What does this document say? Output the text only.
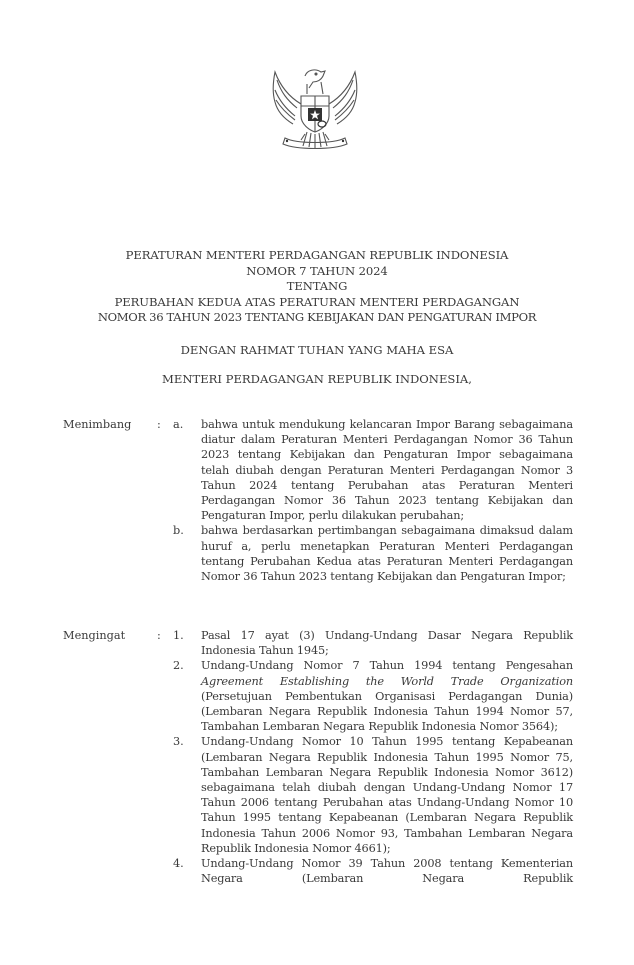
PERATURAN MENTERI PERDAGANGAN REPUBLIK INDONESIA
NOMOR 7 TAHUN 2024
TENTANG
PERUBAHAN KEDUA ATAS PERATURAN MENTERI PERDAGANGAN
NOMOR 36 TAHUN 2023 TENTANG KEBIJAKAN DAN PENGATURAN IMPOR
DENGAN RAHMAT TUHAN YANG MAHA ESA
MENTERI PERDAGANGAN REPUBLIK INDONESIA,
Menimbang : a. bahwa untuk mendukung kelancaran Impor Barang sebagaimana diatur dalam Peraturan Menteri Perdagangan Nomor 36 Tahun 2023 tentang Kebijakan dan Pengaturan Impor sebagaimana telah diubah dengan Peraturan Menteri Perdagangan Nomor 3 Tahun 2024 tentang Perubahan atas Peraturan Menteri Perdagangan Nomor 36 Tahun 2023 tentang Kebijakan dan Pengaturan Impor, perlu dilakukan perubahan;
b. bahwa berdasarkan pertimbangan sebagaimana dimaksud dalam huruf a, perlu menetapkan Peraturan Menteri Perdagangan tentang Perubahan Kedua atas Peraturan Menteri Perdagangan Nomor 36 Tahun 2023 tentang Kebijakan dan Pengaturan Impor;
Mengingat	: 1. Pasal 17 ayat (3) Undang-Undang Dasar Negara Republik Indonesia Tahun 1945;
2. Undang-Undang Nomor 7 Tahun 1994 tentang Pengesahan Agreement Establishing the World Trade Organization (Persetujuan Pembentukan Organisasi Perdagangan Dunia) (Lembaran Negara Republik Indonesia Tahun 1994 Nomor 57, Tambahan Lembaran Negara Republik Indonesia Nomor 3564);
3. Undang-Undang Nomor 10 Tahun 1995 tentang Kepabeanan (Lembaran Negara Republik Indonesia Tahun 1995 Nomor 75, Tambahan Lembaran Negara Republik Indonesia Nomor 3612) sebagaimana telah diubah dengan Undang-Undang Nomor 17 Tahun 2006 tentang Perubahan atas Undang-Undang Nomor 10 Tahun 1995 tentang Kepabeanan (Lembaran Negara Republik Indonesia Tahun 2006 Nomor 93, Tambahan Lembaran Negara Republik Indonesia Nomor 4661);
4. Undang-Undang Nomor 39 Tahun 2008 tentang Kementerian Negara (Lembaran Negara Republik
